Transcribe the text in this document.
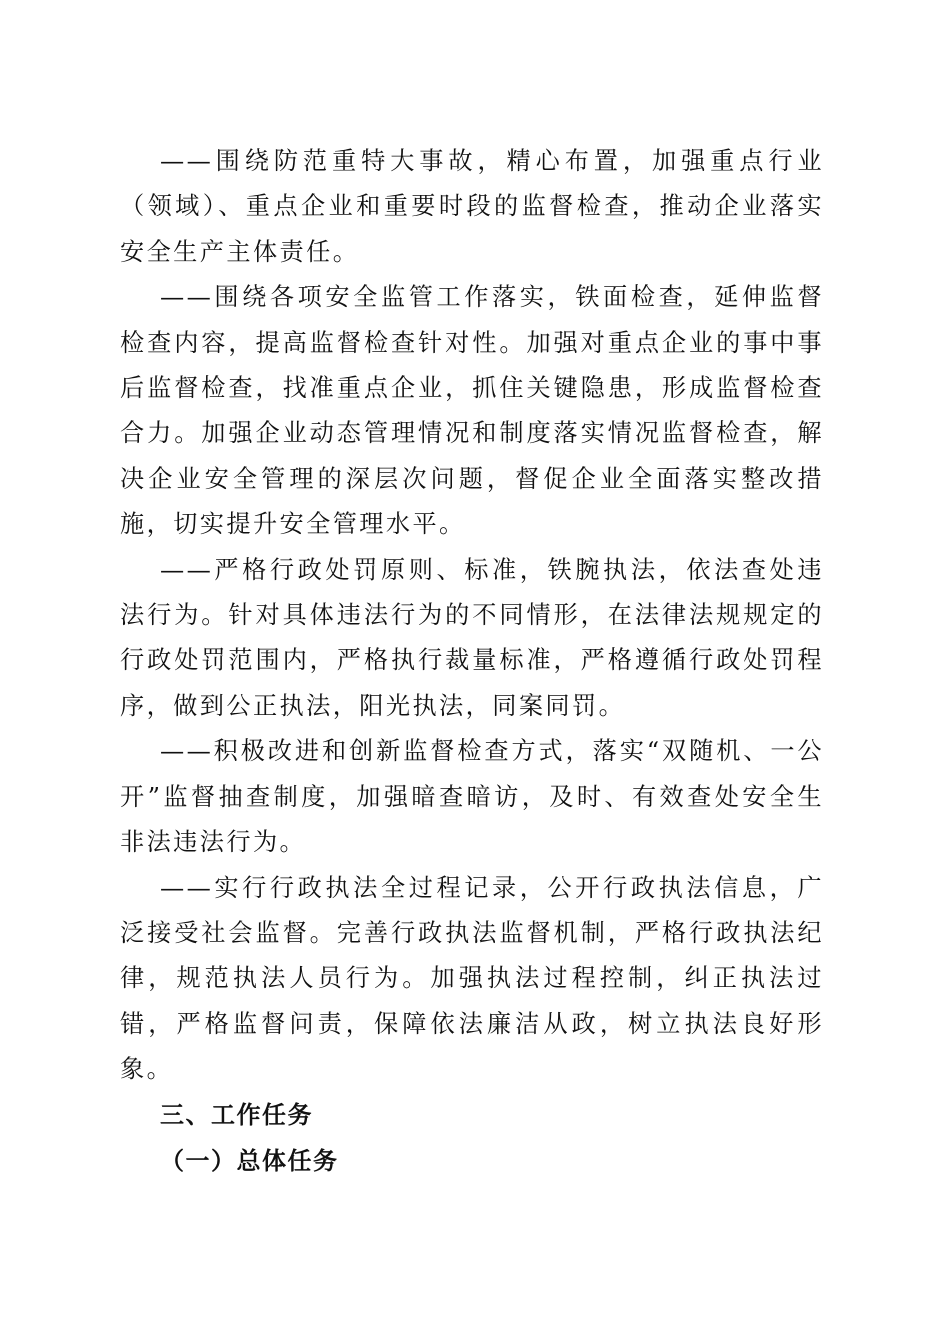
——围绕防范重特大事故，精心布置，加强重点行业（领域）、重点企业和重要时段的监督检查，推动企业落实安全生产主体责任。

——围绕各项安全监管工作落实，铁面检查，延伸监督检查内容，提高监督检查针对性。加强对重点企业的事中事后监督检查，找准重点企业，抓住关键隐患，形成监督检查合力。加强企业动态管理情况和制度落实情况监督检查，解决企业安全管理的深层次问题，督促企业全面落实整改措施，切实提升安全管理水平。

——严格行政处罚原则、标准，铁腕执法，依法查处违法行为。针对具体违法行为的不同情形，在法律法规规定的行政处罚范围内，严格执行裁量标准，严格遵循行政处罚程序，做到公正执法，阳光执法，同案同罚。

——积极改进和创新监督检查方式，落实“双随机、一公开”监督抽查制度，加强暗查暗访，及时、有效查处安全生非法违法行为。

——实行行政执法全过程记录，公开行政执法信息，广泛接受社会监督。完善行政执法监督机制，严格行政执法纪律，规范执法人员行为。加强执法过程控制，纠正执法过错，严格监督问责，保障依法廉洁从政，树立执法良好形象。

三、工作任务

（一）总体任务
